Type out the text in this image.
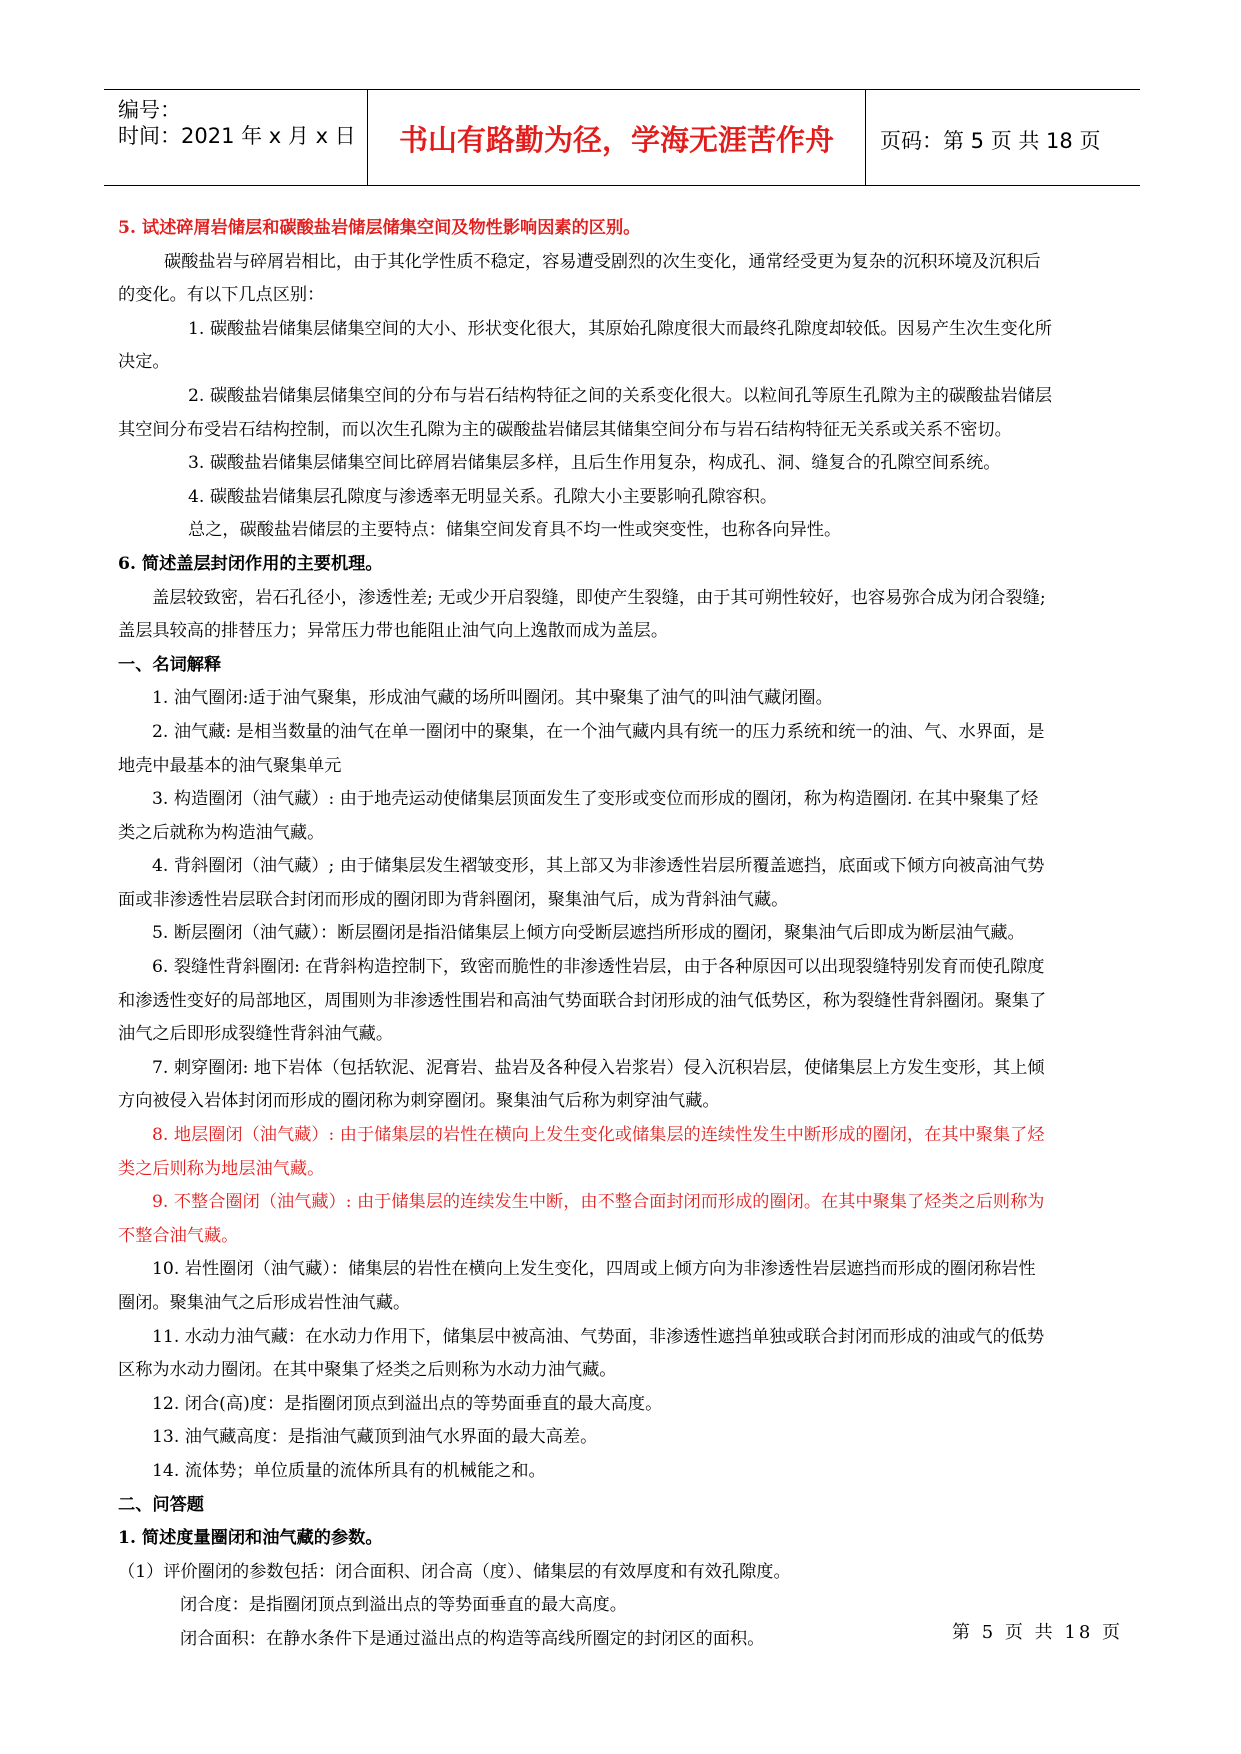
编号：
时间：2021 年 x 月 x 日	书山有路勤为径，学海无涯苦作舟	页码：第 5 页 共 18 页
5. 试述碎屑岩储层和碳酸盐岩储层储集空间及物性影响因素的区别。
碳酸盐岩与碎屑岩相比，由于其化学性质不稳定，容易遭受剧烈的次生变化，通常经受更为复杂的沉积环境及沉积后
的变化。有以下几点区别：
1. 碳酸盐岩储集层储集空间的大小、形状变化很大，其原始孔隙度很大而最终孔隙度却较低。因易产生次生变化所
决定。
2. 碳酸盐岩储集层储集空间的分布与岩石结构特征之间的关系变化很大。以粒间孔等原生孔隙为主的碳酸盐岩储层
其空间分布受岩石结构控制，而以次生孔隙为主的碳酸盐岩储层其储集空间分布与岩石结构特征无关系或关系不密切。
3. 碳酸盐岩储集层储集空间比碎屑岩储集层多样，且后生作用复杂，构成孔、洞、缝复合的孔隙空间系统。
4. 碳酸盐岩储集层孔隙度与渗透率无明显关系。孔隙大小主要影响孔隙容积。
总之，碳酸盐岩储层的主要特点：储集空间发育具不均一性或突变性，也称各向异性。
6. 简述盖层封闭作用的主要机理。
盖层较致密，岩石孔径小，渗透性差; 无或少开启裂缝，即使产生裂缝，由于其可朔性较好，也容易弥合成为闭合裂缝;
盖层具较高的排替压力；异常压力带也能阻止油气向上逸散而成为盖层。
一、名词解释
1. 油气圈闭:适于油气聚集，形成油气藏的场所叫圈闭。其中聚集了油气的叫油气藏闭圈。
2. 油气藏: 是相当数量的油气在单一圈闭中的聚集，在一个油气藏内具有统一的压力系统和统一的油、气、水界面，是
地壳中最基本的油气聚集单元
3. 构造圈闭（油气藏）: 由于地壳运动使储集层顶面发生了变形或变位而形成的圈闭，称为构造圈闭. 在其中聚集了烃
类之后就称为构造油气藏。
4. 背斜圈闭（油气藏）; 由于储集层发生褶皱变形，其上部又为非渗透性岩层所覆盖遮挡，底面或下倾方向被高油气势
面或非渗透性岩层联合封闭而形成的圈闭即为背斜圈闭，聚集油气后，成为背斜油气藏。
5. 断层圈闭（油气藏）：断层圈闭是指沿储集层上倾方向受断层遮挡所形成的圈闭，聚集油气后即成为断层油气藏。
6. 裂缝性背斜圈闭: 在背斜构造控制下，致密而脆性的非渗透性岩层，由于各种原因可以出现裂缝特别发育而使孔隙度
和渗透性变好的局部地区，周围则为非渗透性围岩和高油气势面联合封闭形成的油气低势区，称为裂缝性背斜圈闭。聚集了
油气之后即形成裂缝性背斜油气藏。
7. 刺穿圈闭: 地下岩体（包括软泥、泥膏岩、盐岩及各种侵入岩浆岩）侵入沉积岩层，使储集层上方发生变形，其上倾
方向被侵入岩体封闭而形成的圈闭称为刺穿圈闭。聚集油气后称为刺穿油气藏。
8. 地层圈闭（油气藏）: 由于储集层的岩性在横向上发生变化或储集层的连续性发生中断形成的圈闭，在其中聚集了烃
类之后则称为地层油气藏。
9. 不整合圈闭（油气藏）: 由于储集层的连续发生中断，由不整合面封闭而形成的圈闭。在其中聚集了烃类之后则称为
不整合油气藏。
10. 岩性圈闭（油气藏）：储集层的岩性在横向上发生变化，四周或上倾方向为非渗透性岩层遮挡而形成的圈闭称岩性
圈闭。聚集油气之后形成岩性油气藏。
11. 水动力油气藏：在水动力作用下，储集层中被高油、气势面，非渗透性遮挡单独或联合封闭而形成的油或气的低势
区称为水动力圈闭。在其中聚集了烃类之后则称为水动力油气藏。
12. 闭合(高)度：是指圈闭顶点到溢出点的等势面垂直的最大高度。
13. 油气藏高度：是指油气藏顶到油气水界面的最大高差。
14. 流体势；单位质量的流体所具有的机械能之和。
二、问答题
1. 简述度量圈闭和油气藏的参数。
（1）评价圈闭的参数包括：闭合面积、闭合高（度）、储集层的有效厚度和有效孔隙度。
闭合度：是指圈闭顶点到溢出点的等势面垂直的最大高度。
闭合面积：在静水条件下是通过溢出点的构造等高线所圈定的封闭区的面积。	第 5 页 共 18 页
